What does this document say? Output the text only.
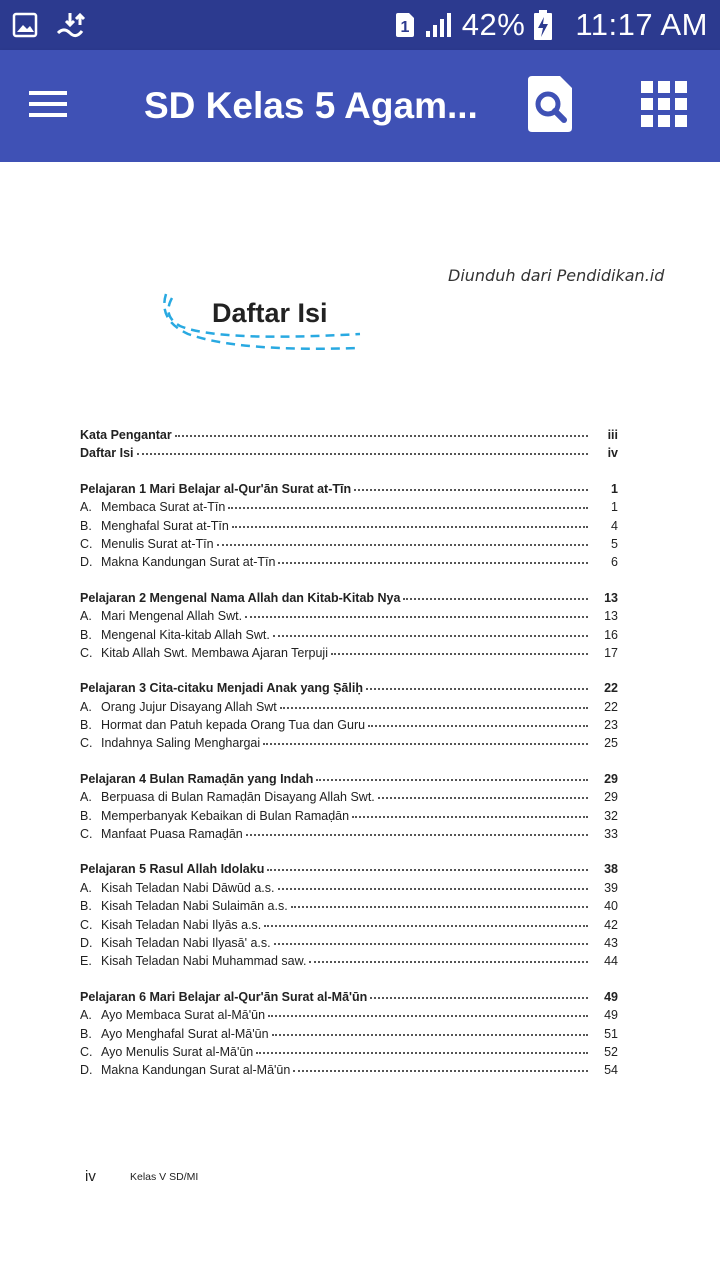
1 42% 11:17 AM
SD Kelas 5 Agam...
Diunduh dari Pendidikan.id
Daftar Isi
Kata Pengantar	iii
Daftar Isi	iv
Pelajaran 1 Mari Belajar al-Qur'ān Surat at-Tīn	1
A. Membaca Surat at-Tīn	1
B. Menghafal Surat at-Tīn	4
C. Menulis Surat at-Tīn	5
D. Makna Kandungan Surat at-Tīn	6
Pelajaran 2 Mengenal Nama Allah dan Kitab-Kitab Nya	13
A. Mari Mengenal Allah Swt.	13
B. Mengenal Kita-kitab Allah Swt.	16
C. Kitab Allah Swt. Membawa Ajaran Terpuji	17
Pelajaran 3 Cita-citaku Menjadi Anak yang Ṣāliḥ	22
A. Orang Jujur Disayang Allah Swt	22
B. Hormat dan Patuh kepada Orang Tua dan Guru	23
C. Indahnya Saling Menghargai	25
Pelajaran 4 Bulan Ramaḍān yang Indah	29
A. Berpuasa di Bulan Ramaḍān Disayang Allah Swt.	29
B. Memperbanyak Kebaikan di Bulan Ramaḍān	32
C. Manfaat Puasa Ramaḍān	33
Pelajaran 5 Rasul Allah Idolaku	38
A. Kisah Teladan Nabi Dāwūd a.s.	39
B. Kisah Teladan Nabi Sulaimān a.s.	40
C. Kisah Teladan Nabi Ilyās a.s.	42
D. Kisah Teladan Nabi Ilyasā' a.s.	43
E. Kisah Teladan Nabi Muhammad saw.	44
Pelajaran 6 Mari Belajar al-Qur'ān Surat al-Mā'ūn	49
A. Ayo Membaca Surat al-Mā'ūn	49
B. Ayo Menghafal Surat al-Mā'ūn	51
C. Ayo Menulis Surat al-Mā'ūn	52
D. Makna Kandungan Surat al-Mā'ūn	54
iv	Kelas V SD/MI
